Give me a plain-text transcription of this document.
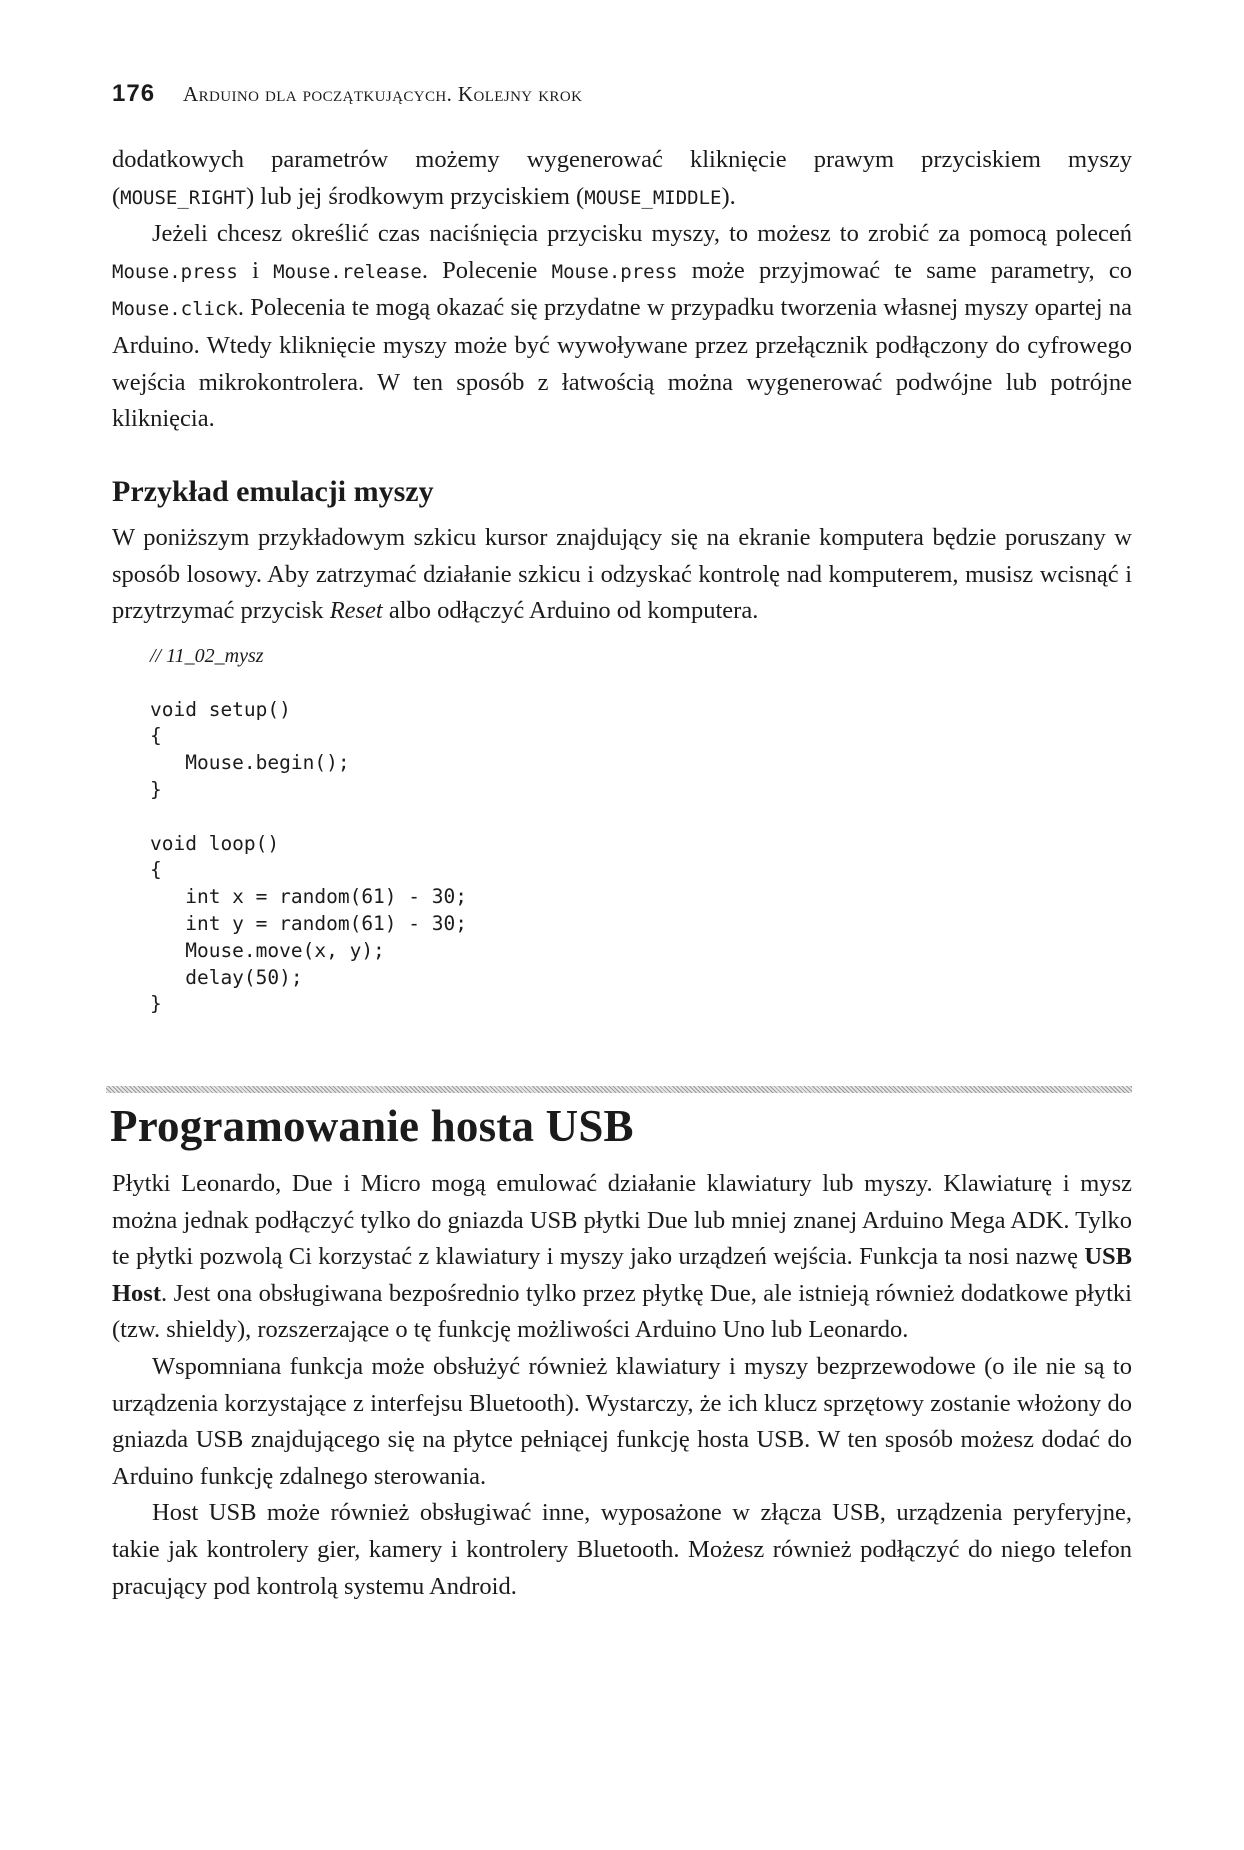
176 Arduino dla początkujących. Kolejny krok

dodatkowych parametrów możemy wygenerować kliknięcie prawym przyciskiem myszy (MOUSE_RIGHT) lub jej środkowym przyciskiem (MOUSE_MIDDLE).

Jeżeli chcesz określić czas naciśnięcia przycisku myszy, to możesz to zrobić za pomocą poleceń Mouse.press i Mouse.release. Polecenie Mouse.press może przyjmować te same parametry, co Mouse.click. Polecenia te mogą okazać się przydatne w przypadku tworzenia własnej myszy opartej na Arduino. Wtedy kliknięcie myszy może być wywoływane przez przełącznik podłączony do cyfrowego wejścia mikrokontrolera. W ten sposób z łatwością można wygenerować podwójne lub potrójne kliknięcia.

Przykład emulacji myszy

W poniższym przykładowym szkicu kursor znajdujący się na ekranie komputera będzie poruszany w sposób losowy. Aby zatrzymać działanie szkicu i odzyskać kontrolę nad komputerem, musisz wcisnąć i przytrzymać przycisk Reset albo odłączyć Arduino od komputera.

// 11_02_mysz

void setup()
{
Mouse.begin();
}

void loop()
{
int x = random(61) - 30;
int y = random(61) - 30;
Mouse.move(x, y);
delay(50);
}
Programowanie hosta USB

Płytki Leonardo, Due i Micro mogą emulować działanie klawiatury lub myszy. Klawiaturę i mysz można jednak podłączyć tylko do gniazda USB płytki Due lub mniej znanej Arduino Mega ADK. Tylko te płytki pozwolą Ci korzystać z klawiatury i myszy jako urządzeń wejścia. Funkcja ta nosi nazwę USB Host. Jest ona obsługiwana bezpośrednio tylko przez płytkę Due, ale istnieją również dodatkowe płytki (tzw. shieldy), rozszerzające o tę funkcję możliwości Arduino Uno lub Leonardo.

Wspomniana funkcja może obsłużyć również klawiatury i myszy bezprzewodowe (o ile nie są to urządzenia korzystające z interfejsu Bluetooth). Wystarczy, że ich klucz sprzętowy zostanie włożony do gniazda USB znajdującego się na płytce pełniącej funkcję hosta USB. W ten sposób możesz dodać do Arduino funkcję zdalnego sterowania.

Host USB może również obsługiwać inne, wyposażone w złącza USB, urządzenia peryferyjne, takie jak kontrolery gier, kamery i kontrolery Bluetooth. Możesz również podłączyć do niego telefon pracujący pod kontrolą systemu Android.
